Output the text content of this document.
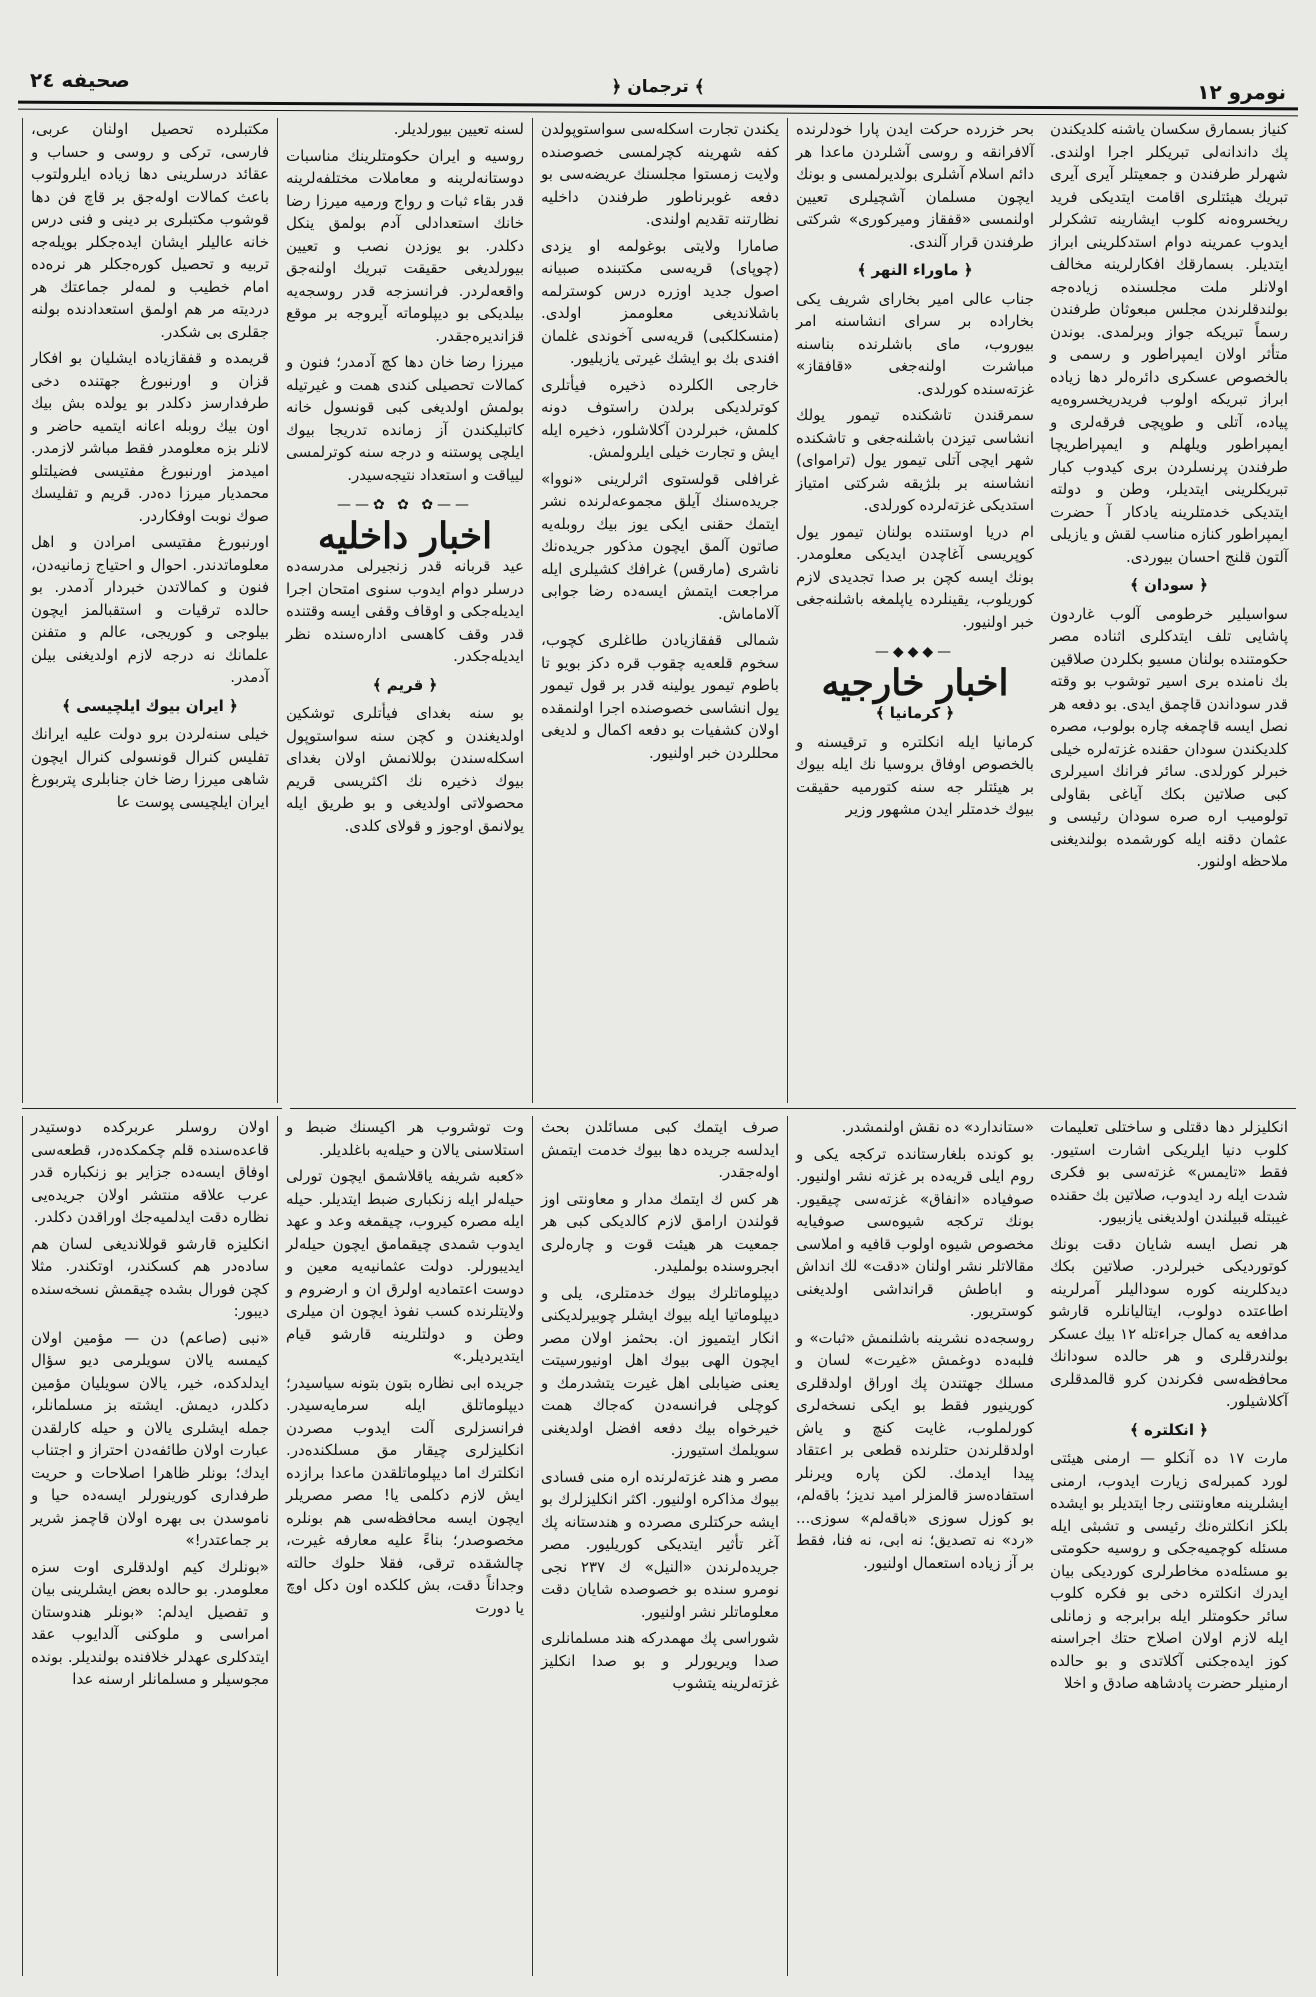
نومرو ۱۲
﴿ ترجمان ﴾
صحیفه ۲٤

مكتبلرده تحصيل اولنان عربى، فارسى، تركى و روسى و حساب و عقائد درسلرينى دها زياده ايلرولتوب باعث كمالات اوله‌جق بر قاچ فن دها قوشوب مكتبلرى بر دينى و فنى درس خانه عاليلر ايشان ايده‌جكلر بويله‌جه تربيه و تحصيل كوره‌جكلر هر نره‌ده امام خطيب و لمه‌لر جماعتك هر درديته مر هم اولمق استعدادنده بولنه جقلرى بى شكدر.

قريمده و قفقازياده ايشليان بو افكار قزان و اورنبورغ جهتنده دخى طرفدارسز دكلدر بو يولده بش بيك اون بيك روبله اعانه ايتميه حاضر و لانلر بزه معلومدر فقط مباشر لازمدر. اميدمز اورنبورغ مفتيسى فضيلتلو محمديار ميرزا ده‌در. قريم و تفليسك صوك نوبت اوفكاردر.

اورنبورغ مفتيسى امرادن و اهل معلوماتدندر. احوال و احتياج زمانيه‌دن، فنون و كمالاتدن خبردار آدمدر. بو حالده ترقيات و استقبالمز ايچون بيلوجى و كوريجى، عالم و متفنن علمانك نه درجه لازم اولديغنى بيلن آدمدر.

﴿ ايران بيوك ايلچيسى ﴾

خيلى سنه‌لردن برو دولت عليه ايرانك تفليس كنرال قونسولى كنرال ايچون شاهى ميرزا رضا خان جنابلرى پتربورغ ايران ايلچيسى پوست عا

لسنه تعيين بيورلديلر.

روسيه و ايران حكومتلرينك مناسبات دوستانه‌لرينه و معاملات مختلفه‌لرينه قدر بقاء ثبات و رواج ورميه ميرزا رضا خانك استعدادلى آدم بولمق ينكل دكلدر. بو يوزدن نصب و تعيين بيورلديغى حقيقت تبريك اولنه‌جق واقعه‌لردر. فرانسزجه قدر روسجه‌يه بيلديكى بو ديپلوماته آيروجه بر موقع قزانديره‌جقدر.

ميرزا رضا خان دها كچ آدمدر؛ فنون و كمالات تحصيلى كندى همت و غيرتيله بولمش اولديغى كبى قونسول خانه كاتبليكندن آز زمانده تدريجا بيوك ايلچى پوستنه و درجه سنه كوترلمسى ليياقت و استعداد نتيجه‌سيدر.

——✿ ✿ ✿——
اخبار داخليه

عيد قربانه قدر زنجيرلى مدرسه‌ده درسلر دوام ايدوب سنوى امتحان اجرا ايديله‌جكى و اوقاف وقفى ايسه وقتنده قدر وقف كاهسى اداره‌سنده نظر ايديله‌جكدر.

﴿ قريم ﴾

بو سنه بغداى فيأتلرى توشكين اولديغندن و كچن سنه سواستوپول اسكله‌سندن بوللانمش اولان بغداى بيوك ذخيره نك اكثريسى قريم محصولاتى اولديغى و بو طريق ايله يولانمق اوجوز و قولاى كلدى.

يكندن تجارت اسكله‌سى سواستوپولدن كفه شهرينه كچرلمسى خصوصنده ولايت زمستوا مجلسنك عريضه‌سى بو دفعه غوبرناطور طرفندن داخليه نظارتنه تقديم اولندى.

صامارا ولايتى بوغولمه او يزدى (چوپاى) قريه‌سى مكتبنده صبيانه اصول جديد اوزره درس كوسترلمه باشلانديغى معلوممز اولدى. (منسكلكبى) قريه‌سى آخوندى غلمان افندى بك بو ايشك غيرتى يازيليور.

خارجى الكلرده ذخيره فيأتلرى كوترلديكى برلدن راستوف دونه كلمش، خبرلردن آكلاشلور، ذخيره ايله ايش و تجارت خيلى ايلرولمش.

غرافلى قولستوى اثرلرينى «نووا» جريده‌سنك آيلق مجموعه‌لرنده نشر ايتمك حقنى ايكى يوز بيك روبله‌يه صاتون آلمق ايچون مذكور جريده‌نك ناشرى (مارقس) غرافك كشيلرى ايله مراجعت ايتمش ايسه‌ده رضا جوابى آلاماماش.

شمالى قفقازيادن طاغلرى كچوب، سخوم قلعه‌يه چقوب قره دكز بويو تا باطوم تيمور يولينه قدر بر قول تيمور يول انشاسى خصوصنده اجرا اولنمقده اولان كشفيات بو دفعه اكمال و لديغى محللردن خبر اولنيور.

بحر خزرده حركت ايدن پارا خودلرنده آلافرانقه و روسى آشلردن ماعدا هر دائم اسلام آشلرى بولديرلمسى و بونك ايچون مسلمان آشچيلرى تعيين اولنمسى «قفقاز وميركورى» شركتى طرفندن قرار آلندى.

﴿ ماوراء النهر ﴾

جناب عالى امير بخاراى شريف يكى بخاراده بر سراى انشاسنه امر بيوروب، ماى باشلرنده بناسنه مباشرت اولنه‌جغى «قافقاز» غزته‌سنده كورلدى.

سمرقندن تاشكنده تيمور يولك انشاسى تيزدن باشلنه‌جغى و تاشكنده شهر ايچى آتلى تيمور يول (ترامواى) انشاسنه بر بلژيقه شركتى امتياز استديكى غزته‌لرده كورلدى.

ام دريا اوستنده بولنان تيمور يول كوپريسى آغاچدن ايديكى معلومدر. بونك ايسه كچن بر صدا تجديدى لازم كوريلوب، يقينلرده ياپلمغه باشلنه‌جغى خبر اولنيور.

—◆◆◆—
اخبار خارجيه
﴿ كرمانيا ﴾

كرمانيا ايله انكلتره و ترقيسنه و بالخصوص اوفاق بروسيا نك ايله بيوك بر هيئتلر جه سنه كتورميه حقيقت بيوك خدمتلر ايدن مشهور وزير

كنياز بسمارق سكسان ياشنه كلديكندن پك داندانه‌لى تبريكلر اجرا اولندى. شهرلر طرفندن و جمعيتلر آيرى آيرى تبريك هيئتلرى اقامت ايتديكى فريد ريخسروه‌نه كلوب ايشارينه تشكرلر ايدوب عمرينه دوام استدكلرينى ابراز ايتديلر. بسمارقك افكارلرينه مخالف اولانلر ملت مجلسنده زياده‌جه بولندقلرندن مجلس مبعوثان طرفندن رسماً تبريكه جواز وبرلمدى. بوندن متأثر اولان ايمپراطور و رسمى و بالخصوص عسكرى دائره‌لر دها زياده ابراز تبريكه اولوب فريدريخسروه‌يه پياده، آتلى و طوپچى فرقه‌لرى و ايمپراطور ويلهلم و ايمپراطريچا طرفندن پرنسلردن برى كيدوب كبار تبريكلرينى ايتديلر، وطن و دولته ايتديكى خدمتلرينه يادكار آ حضرت ايمپراطور كنازه مناسب لقش و يازيلى آلتون قلنج احسان بيوردى.

﴿ سودان ﴾

سواسيلير خرطومى آلوب غاردون پاشايى تلف ايتدكلرى اثناده مصر حكومتنده بولنان مسيو بكلردن صلاقين بك نامنده برى اسير توشوب بو وقته قدر سوداندن قاچمق ايدى. بو دفعه هر نصل ايسه قاچمغه چاره بولوب، مصره كلديكندن سودان حقنده غزته‌لره خيلى خبرلر كورلدى. سائر فرانك اسيرلرى كبى صلاتين بكك آياغى بقاولى تولوميب اره صره سودان رئيسى و عثمان دقنه ايله كورشمده بولنديغنى ملاحظه اولنور.

اولان روسلر عربركده دوستيدر قاعده‌سنده قلم چكمكده‌در، قطعه‌سى اوفاق ايسه‌ده جزاير بو زنكباره قدر عرب علاقه منتشر اولان جريده‌يى نظاره دقت ايدلميه‌جك اوراقدن دكلدر.

انكليزه قارشو قوللانديغى لسان هم ساده‌در هم كسكندر، اوتكندر. مثلا كچن فورال بشده چيقمش نسخه‌سنده ديبور:

«نبى (صاعم) دن — مؤمين اولان كيمسه يالان سويلرمى ديو سؤال ايدلدكده، خير، يالان سويليان مؤمين دكلدر، ديمش. ايشته بز مسلمانلر، جمله ايشلرى يالان و حيله كارلقدن عبارت اولان طائفه‌دن احتراز و اجتناب ايدك؛ بونلر ظاهرا اصلاحات و حريت طرفدارى كورينورلر ايسه‌ده حيا و ناموسدن بى بهره اولان قاچمز شرير بر جماعتدر!»

«بونلرك كيم اولدقلرى اوت سزه معلومدر. بو حالده بعض ايشلرينى بيان و تفصيل ايدلم: «بونلر هندوستان امراسى و ملوكنى آلدايوب عقد ايتدكلرى عهدلر خلافنده بولنديلر. بونده مجوسيلر و مسلمانلر ارسنه عدا

وت توشروب هر اكيسنك ضبط و استلاسنى يالان و حيله‌يه باغلديلر.

«كعبه شريفه ياقلاشمق ايچون تورلى حيله‌لر ايله زنكبارى ضبط ايتديلر. حيله ايله مصره كيروب، چيقمغه وعد و عهد ايدوب شمدى چيقمامق ايچون حيله‌لر ايديبورلر. دولت عثمانيه‌يه معين و دوست اعتماديه اولرق ان و ارضروم و ولايتلرنده كسب نفوذ ايچون ان ميلرى وطن و دولتلرينه قارشو قيام ايتديرديلر.»

جريده ابى نظاره بتون بتونه سياسيدر؛ ديپلوماتلق ايله سرمايه‌سيدر. فرانسزلرى آلت ايدوب مصردن انكليزلرى چيقار مق مسلكنده‌در. انكلترك اما ديپلوماتلقدن ماعدا برازده ايش لازم دكلمى يا! مصر مصريلر ايچون ايسه محافظه‌سى هم بونلره مخصوصدر؛ بناءً عليه معارفه غيرت، چالشقده ترقى، فقلا حلوك حالته وجداناً دقت، بش كلكده اون دكل اوچ يا دورت

صرف ايتمك كبى مسائلدن بحث ايدلسه جريده دها بيوك خدمت ايتمش اوله‌جقدر.

هر كس ك ايتمك مدار و معاونتى اوز قولندن ارامق لازم كالديكى كبى هر جمعيت هر هيئت قوت و چاره‌لرى ابجروسنده بولمليدر.

ديپلوماتلرك بيوك خدمتلرى، يلى و ديپلوماتيا ايله بيوك ايشلر چوبيرلديكنى انكار ايتميوز ان. بحثمز اولان مصر ايچون الهى بيوك اهل اونيورسيتت يعنى ضيابلى اهل غيرت يتشدرمك و كوچلى فرانسه‌دن كه‌جاك همت خيرخواه بيك دفعه افضل اولديغنى سويلمك استيورز.

مصر و هند غزته‌لرنده اره منى فسادى بيوك مذاكره اولنيور. اكثر انكليزلرك بو ايشه حركتلرى مصرده و هندستانه پك آغر تأثير ايتديكى كوريليور. مصر جريده‌لرندن «النيل» ك ۲۳۷ نجى نومرو سنده بو خصوصده شايان دقت معلوماتلر نشر اولنيور.

شوراسى پك مهمدركه هند مسلمانلرى صدا ويريورلر و بو صدا انكليز غزته‌لرينه يتشوب

«ستاندارد» ده نقش اولنمشدر.

بو كونده بلغارستانده تركجه يكى و روم ايلى قريه‌ده بر غزته نشر اولنيور. صوفياده «انفاق» غزته‌سى چيقيور. بونك تركجه شيوه‌سى صوفيايه مخصوص شيوه اولوب قافيه و املاسى مقالاتلر نشر اولنان «دقت» لك انداش و اباطش قرانداشى اولديغنى كوستريور.

روسجه‌ده نشرينه باشلنمش «ثبات» و فلبه‌ده دوغمش «غيرت» لسان و مسلك جهتندن پك اوراق اولدقلرى كورينيور فقط بو ايكى نسخه‌لرى كورلملوب، غايت كنچ و ياش اولدقلرندن حتلرنده قطعى بر اعتقاد پيدا ايدمك. لكن پاره ويرنلر استفاده‌سز قالمزلر اميد نديز؛ باقه‌لم، بو كوزل سوزى «باقه‌لم» سوزى... «رد» نه تصديق؛ نه ابى، نه فنا، فقط بر آز زياده استعمال اولنيور.

انكليزلر دها دقتلى و ساختلى تعليمات كلوب دنيا ايلريكى اشارت استيور. فقط «تايمس» غزته‌سى بو فكرى شدت ايله رد ايدوب، صلاتين بك حقنده غيبتله قبيلندن اولديغنى يازبيور.

هر نصل ايسه شايان دقت بونك كوتورديكى خبرلردر. صلاتين بكك ديدكلرينه كوره سوداليلر آمرلرينه اطاعتده دولوب، ايتاليانلره قارشو مدافعه يه كمال جراءتله ۱۲ بيك عسكر بولندرقلرى و هر حالده سودانك محافظه‌سى فكرندن كرو قالمدقلرى آكلاشيلور.

﴿ انكلتره ﴾

مارت ۱۷ ده آنكلو — ارمنى هيئتى لورد كمبرله‌ى زيارت ايدوب، ارمنى ايشلرينه معاونتنى رجا ايتديلر بو ايشده بلكز انكلتره‌نك رئيسى و تشبثى ايله مسئله كوچميه‌جكى و روسيه حكومتى بو مسئله‌ده مخاطرلرى كورديكى بيان ايدرك انكلتره دخى بو فكره كلوب سائر حكومتلر ايله برابرجه و زمانلى ايله لازم اولان اصلاح حتك اجراسنه كوز ايده‌جكنى آكلاتدى و بو حالده ارمنيلر حضرت پادشاهه صادق و اخلا
